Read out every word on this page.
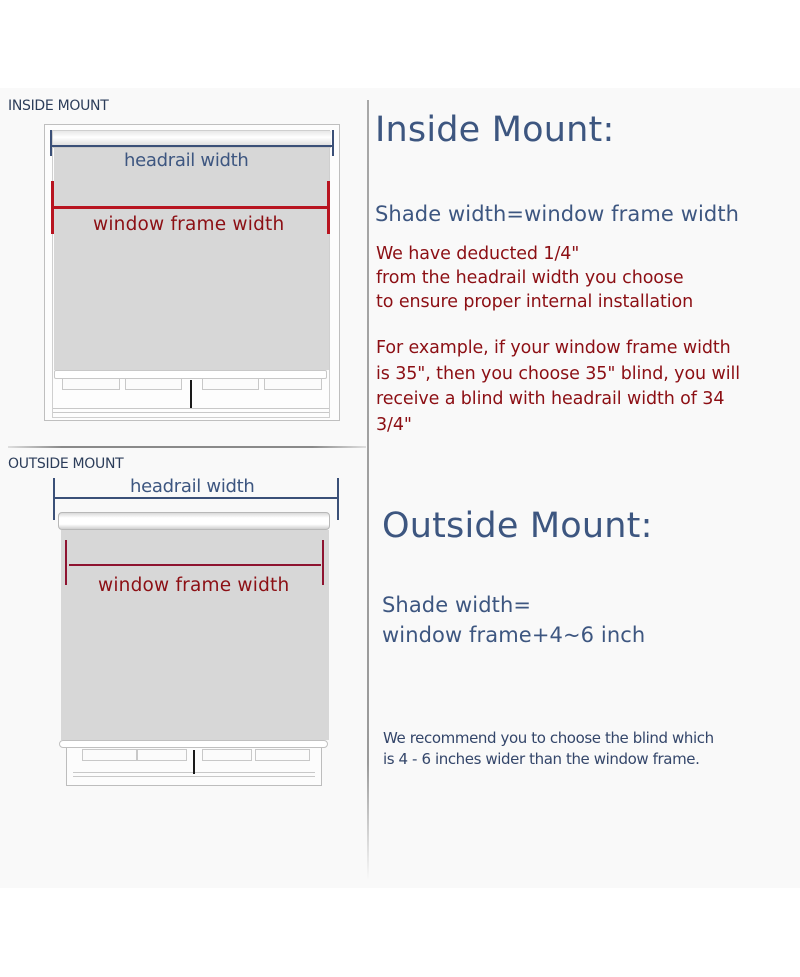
INSIDE MOUNT
headrail width
window frame width
OUTSIDE MOUNT
headrail width
window frame width
Inside Mount:
Shade width=window frame width
We have deducted 1/4"
from the headrail width you choose
to ensure proper internal installation
For example, if your window frame width
is 35", then you choose 35" blind, you will
receive a blind with headrail width of 34
3/4"
Outside Mount:
Shade width=
window frame+4~6 inch
We recommend you to choose the blind which
is 4 - 6 inches wider than the window frame.
